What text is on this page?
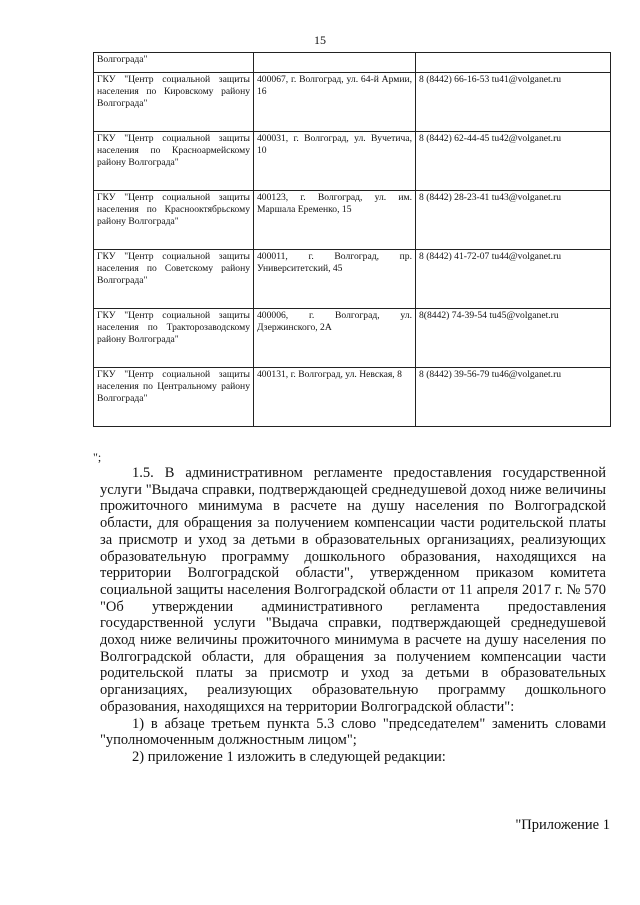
15
Волгограда"		
ГКУ "Центр социальной защиты населения по Кировскому району Волгограда"	400067, г. Волгоград, ул. 64-й Армии, 16	8 (8442) 66-16-53 tu41@volganet.ru
ГКУ "Центр социальной защиты населения по Красноармейскому району Волгограда"	400031, г. Волгоград, ул. Вучетича, 10	8 (8442) 62-44-45 tu42@volganet.ru
ГКУ "Центр социальной защиты населения по Краснооктябрьскому району Волгограда"	400123, г. Волгоград, ул. им. Маршала Еременко, 15	8 (8442) 28-23-41 tu43@volganet.ru
ГКУ "Центр социальной защиты населения по Советскому району Волгограда"	400011, г. Волгоград, пр. Университетский, 45	8 (8442) 41-72-07 tu44@volganet.ru
ГКУ "Центр социальной защиты населения по Тракторозаводскому району Волгограда"	400006, г. Волгоград, ул. Дзержинского, 2А	8(8442) 74-39-54 tu45@volganet.ru
ГКУ "Центр социальной защиты населения по Центральному району Волгограда"	400131, г. Волгоград, ул. Невская, 8	8 (8442) 39-56-79 tu46@volganet.ru
";

1.5. В административном регламенте предоставления государственной услуги "Выдача справки, подтверждающей среднедушевой доход ниже величины прожиточного минимума в расчете на душу населения по Волгоградской области, для обращения за получением компенсации части родительской платы за присмотр и уход за детьми в образовательных организациях, реализующих образовательную программу дошкольного образования, находящихся на территории Волгоградской области", утвержденном приказом комитета социальной защиты населения Волгоградской области от 11 апреля 2017 г. № 570 "Об утверждении административного регламента предоставления государственной услуги "Выдача справки, подтверждающей среднедушевой доход ниже величины прожиточного минимума в расчете на душу населения по Волгоградской области, для обращения за получением компенсации части родительской платы за присмотр и уход за детьми в образовательных организациях, реализующих образовательную программу дошкольного образования, находящихся на территории Волгоградской области":

1) в абзаце третьем пункта 5.3 слово "председателем" заменить словами "уполномоченным должностным лицом";

2) приложение 1 изложить в следующей редакции:

"Приложение 1
